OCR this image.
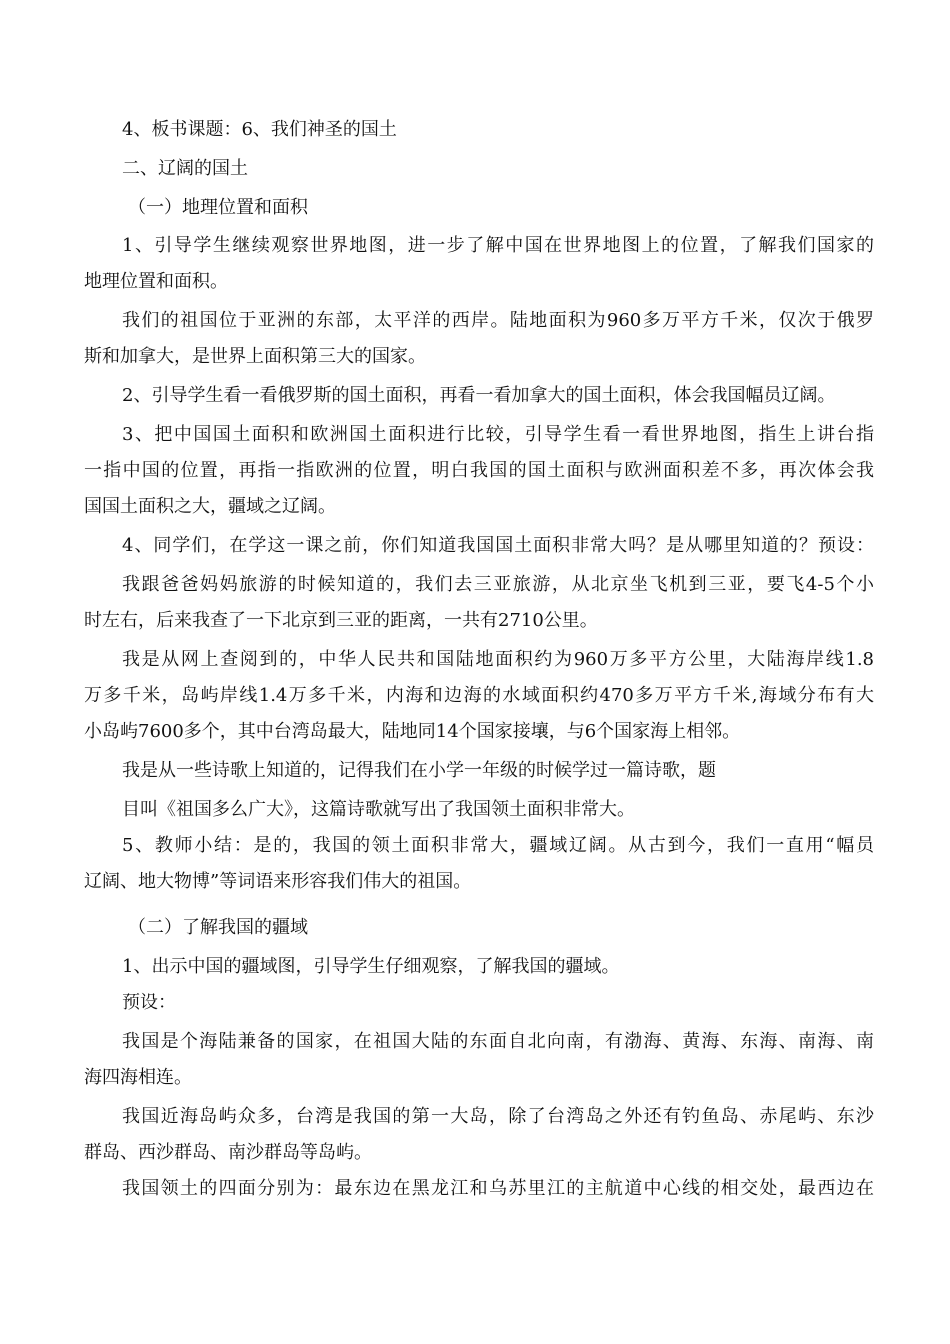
4、板书课题：6、我们神圣的国土
二、辽阔的国土
（一）地理位置和面积
1、引导学生继续观察世界地图，进一步了解中国在世界地图上的位置，了解我们国家的
地理位置和面积。
我们的祖国位于亚洲的东部，太平洋的西岸。陆地面积为960多万平方千米，仅次于俄罗
斯和加拿大，是世界上面积第三大的国家。
2、引导学生看一看俄罗斯的国土面积，再看一看加拿大的国土面积，体会我国幅员辽阔。
3、把中国国土面积和欧洲国土面积进行比较，引导学生看一看世界地图，指生上讲台指
一指中国的位置，再指一指欧洲的位置，明白我国的国土面积与欧洲面积差不多，再次体会我
国国土面积之大，疆域之辽阔。
4、同学们，在学这一课之前，你们知道我国国土面积非常大吗？是从哪里知道的？预设：
我跟爸爸妈妈旅游的时候知道的，我们去三亚旅游，从北京坐飞机到三亚，要飞4-5个小
时左右，后来我查了一下北京到三亚的距离，一共有2710公里。
我是从网上查阅到的，中华人民共和国陆地面积约为960万多平方公里，大陆海岸线1.8
万多千米，岛屿岸线1.4万多千米，内海和边海的水域面积约470多万平方千米,海域分布有大
小岛屿7600多个，其中台湾岛最大，陆地同14个国家接壤，与6个国家海上相邻。
我是从一些诗歌上知道的，记得我们在小学一年级的时候学过一篇诗歌，题
目叫《祖国多么广大》，这篇诗歌就写出了我国领土面积非常大。
5、教师小结：是的，我国的领土面积非常大，疆域辽阔。从古到今，我们一直用“幅员
辽阔、地大物博”等词语来形容我们伟大的祖国。
（二）了解我国的疆域
1、出示中国的疆域图，引导学生仔细观察，了解我国的疆域。
预设：
我国是个海陆兼备的国家，在祖国大陆的东面自北向南，有渤海、黄海、东海、南海、南
海四海相连。
我国近海岛屿众多，台湾是我国的第一大岛，除了台湾岛之外还有钓鱼岛、赤尾屿、东沙
群岛、西沙群岛、南沙群岛等岛屿。
我国领土的四面分别为：最东边在黑龙江和乌苏里江的主航道中心线的相交处，最西边在
